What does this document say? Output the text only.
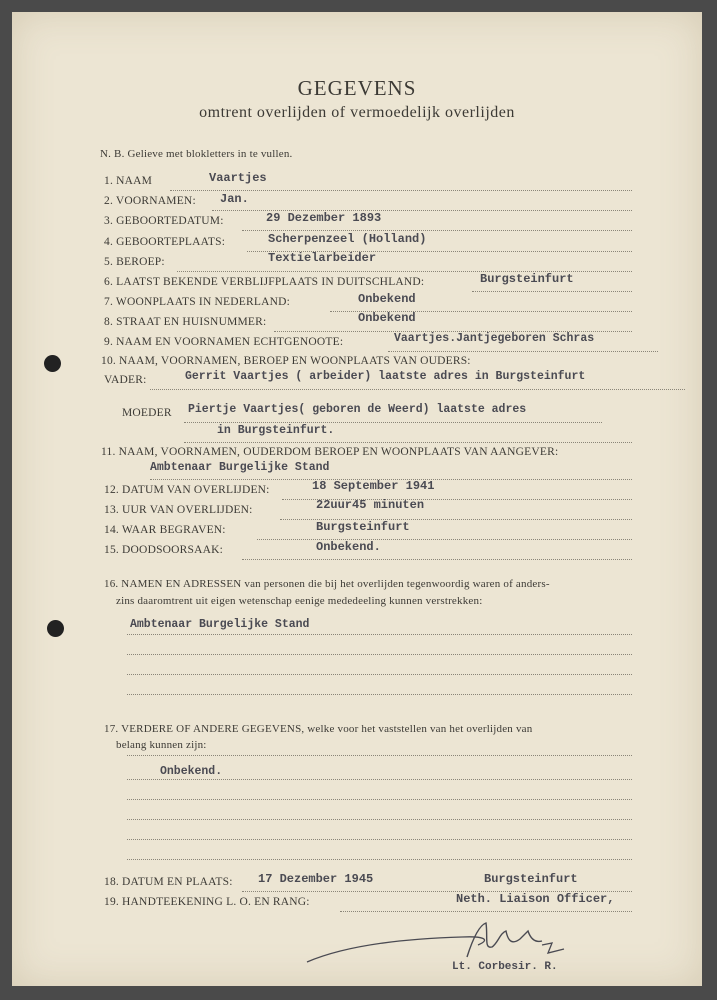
GEGEVENS
omtrent overlijden of vermoedelijk overlijden
N. B. Gelieve met blokletters in te vullen.
1. NAAM	Vaartjes
2. VOORNAMEN: Jan.
3. GEBOORTEDATUM:	29 Dezember 1893
4. GEBOORTEPLAATS:	Scherpenzeel (Holland)
5. BEROEP:	Textielarbeider
6. LAATST BEKENDE VERBLIJFPLAATS IN DUITSCHLAND:	Burgsteinfurt
7. WOONPLAATS IN NEDERLAND:	Onbekend
8. STRAAT EN HUISNUMMER:	Onbekend
9. NAAM EN VOORNAMEN ECHTGENOOTE:	Vaartjes.Jantjegeboren Schras
10. NAAM, VOORNAMEN, BEROEP EN WOONPLAATS VAN OUDERS:
VADER:	Gerrit Vaartjes ( arbeider) laatste adres in Burgsteinfurt
MOEDER Piertje Vaartjes( geboren de Weerd) laatste adres
in Burgsteinfurt.
11. NAAM, VOORNAMEN, OUDERDOM BEROEP EN WOONPLAATS VAN AANGEVER:
Ambtenaar Burgelijke Stand
12. DATUM VAN OVERLIJDEN:	18 September 1941
13. UUR VAN OVERLIJDEN:	22uur45 minuten
14. WAAR BEGRAVEN:	Burgsteinfurt
15. DOODSOORSAAK:	Onbekend.
16. NAMEN EN ADRESSEN van personen die bij het overlijden tegenwoordig waren of anders-
zins daaromtrent uit eigen wetenschap eenige mededeeling kunnen verstrekken:
Ambtenaar Burgelijke Stand
17. VERDERE OF ANDERE GEGEVENS, welke voor het vaststellen van het overlijden van
belang kunnen zijn:
Onbekend.
18. DATUM EN PLAATS: 17 Dezember 1945	Burgsteinfurt
19. HANDTEEKENING L. O. EN RANG:	Neth. Liaison Officer,
Lt. Corbesir. R.
